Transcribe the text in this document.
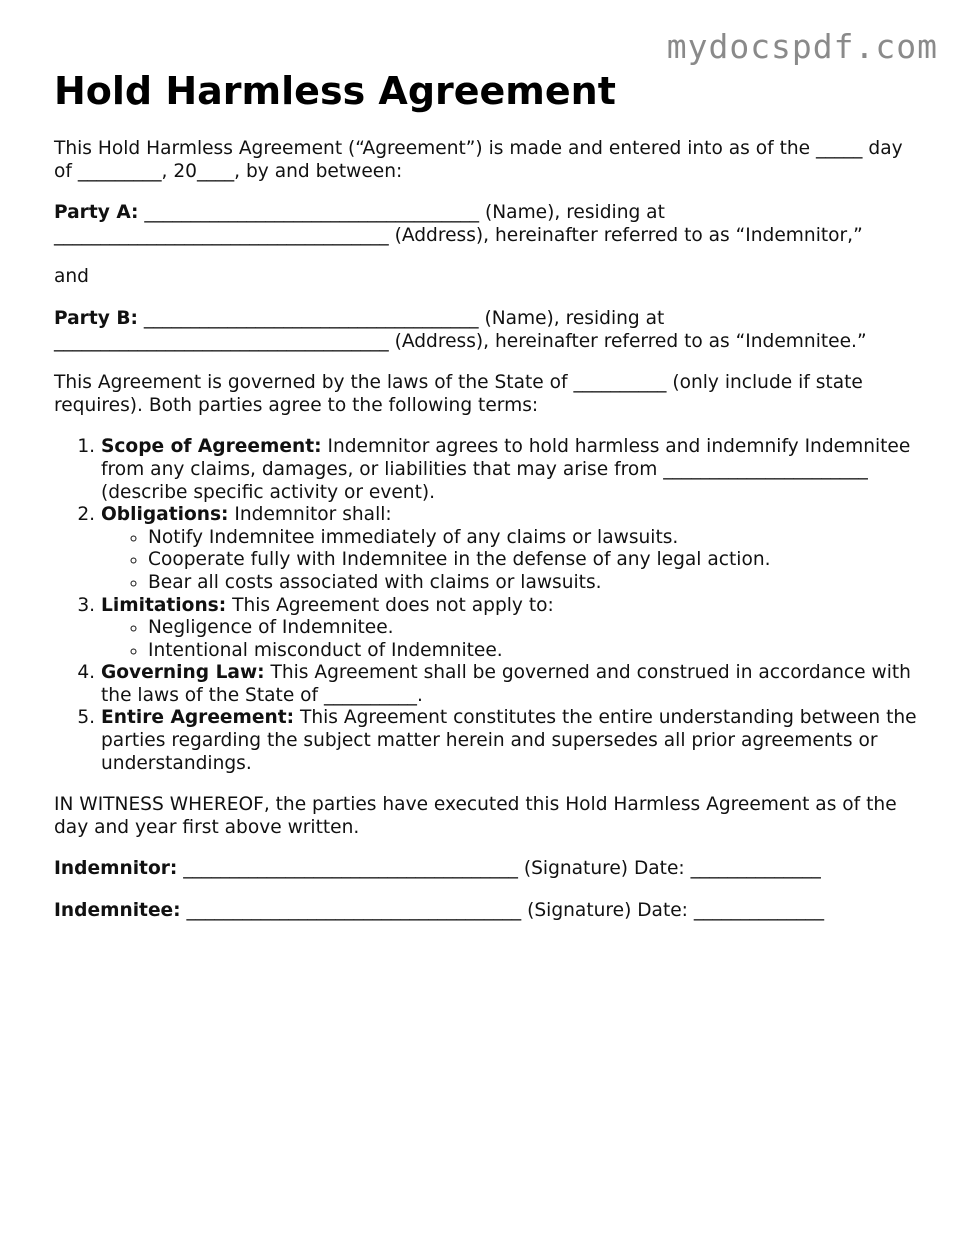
mydocspdf.com
Hold Harmless Agreement

This Hold Harmless Agreement (“Agreement”) is made and entered into as of the _____ day of _________, 20____, by and between:

Party A: ____________________________________ (Name), residing at ____________________________________ (Address), hereinafter referred to as “Indemnitor,”

and

Party B: ____________________________________ (Name), residing at ____________________________________ (Address), hereinafter referred to as “Indemnitee.”

This Agreement is governed by the laws of the State of __________ (only include if state requires). Both parties agree to the following terms:

1. Scope of Agreement: Indemnitor agrees to hold harmless and indemnify Indemnitee from any claims, damages, or liabilities that may arise from ______________________ (describe specific activity or event).
2. Obligations: Indemnitor shall:
◦ Notify Indemnitee immediately of any claims or lawsuits.
◦ Cooperate fully with Indemnitee in the defense of any legal action.
◦ Bear all costs associated with claims or lawsuits.
3. Limitations: This Agreement does not apply to:
◦ Negligence of Indemnitee.
◦ Intentional misconduct of Indemnitee.
4. Governing Law: This Agreement shall be governed and construed in accordance with the laws of the State of __________.
5. Entire Agreement: This Agreement constitutes the entire understanding between the parties regarding the subject matter herein and supersedes all prior agreements or understandings.

IN WITNESS WHEREOF, the parties have executed this Hold Harmless Agreement as of the day and year first above written.

Indemnitor: ____________________________________ (Signature) Date: ______________

Indemnitee: ____________________________________ (Signature) Date: ______________
